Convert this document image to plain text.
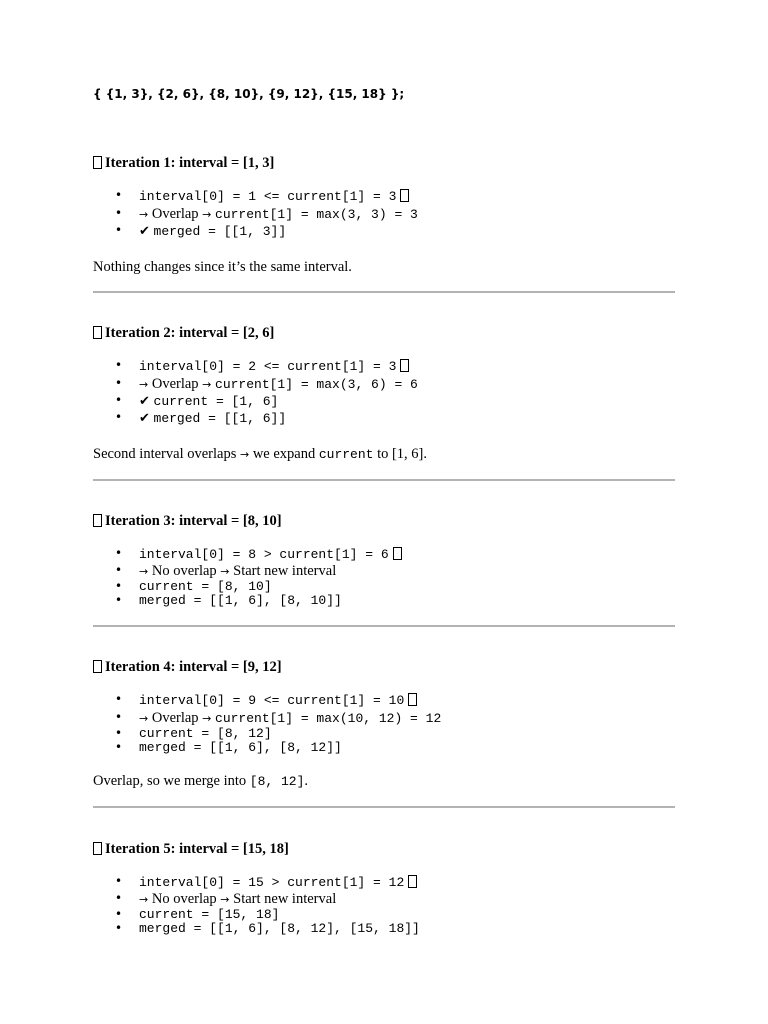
{ {1, 3}, {2, 6}, {8, 10}, {9, 12}, {15, 18} };
Iteration 1: interval = [1, 3]
• interval[0] = 1 <= current[1] = 3
• → Overlap → current[1] = max(3, 3) = 3
• ✔ merged = [[1, 3]]
Nothing changes since it’s the same interval.
Iteration 2: interval = [2, 6]
• interval[0] = 2 <= current[1] = 3
• → Overlap → current[1] = max(3, 6) = 6
• ✔ current = [1, 6]
• ✔ merged = [[1, 6]]
Second interval overlaps → we expand current to [1, 6].
Iteration 3: interval = [8, 10]
• interval[0] = 8 > current[1] = 6
• → No overlap → Start new interval
• current = [8, 10]
• merged = [[1, 6], [8, 10]]
Iteration 4: interval = [9, 12]
• interval[0] = 9 <= current[1] = 10
• → Overlap → current[1] = max(10, 12) = 12
• current = [8, 12]
• merged = [[1, 6], [8, 12]]
Overlap, so we merge into [8, 12].
Iteration 5: interval = [15, 18]
• interval[0] = 15 > current[1] = 12
• → No overlap → Start new interval
• current = [15, 18]
• merged = [[1, 6], [8, 12], [15, 18]]
